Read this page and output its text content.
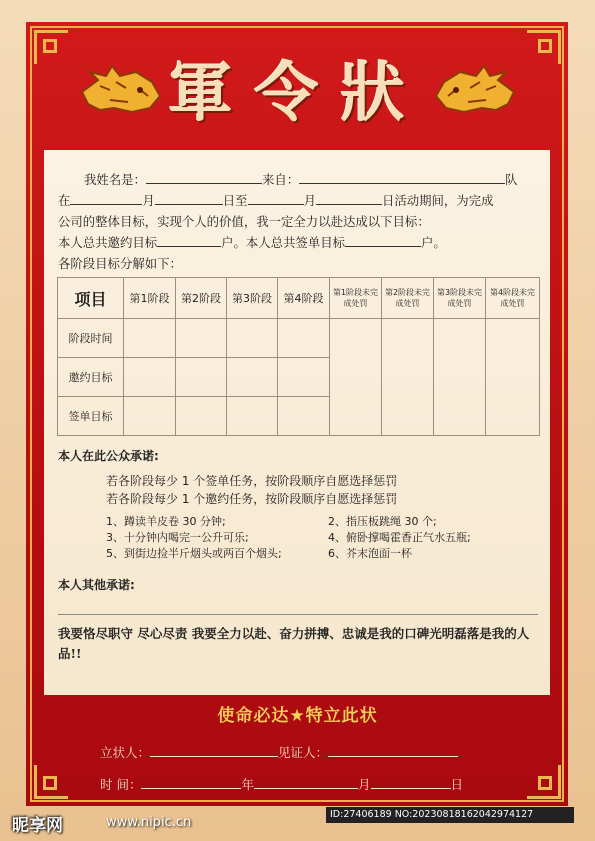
軍令狀
我姓名是：	来自：	队
在	月	日至	月	日活动期间，为完成
公司的整体目标，实现个人的价值，我一定全力以赴达成以下目标：
本人总共邀约目标	户。本人总共签单目标	户。
各阶段目标分解如下：
项目	第1阶段	第2阶段	第3阶段	第4阶段	第1阶段未完成处罚	第2阶段未完成处罚	第3阶段未完成处罚	第4阶段未完成处罚
阶段时间								
邀约目标								
签单目标								
本人在此公众承诺:
若各阶段每少 1 个签单任务，按阶段顺序自愿选择惩罚
若各阶段每少 1 个邀约任务，按阶段顺序自愿选择惩罚
1、蹲读羊皮卷 30 分钟;	2、指压板跳绳 30 个;
3、十分钟内喝完一公升可乐;	4、俯卧撑喝霍香正气水五瓶;
5、到街边捡半斤烟头或两百个烟头;	6、芥末泡面一杯
本人其他承诺:
我要恪尽职守 尽心尽责 我要全力以赴、奋力拼搏、忠诚是我的口碑光明磊落是我的人品!!
使命必达★特立此状
立状人：	见证人：
时 间：	年	月	日
昵享网	www.nipic.cn
ID:27406189 NO:20230818162042974127
